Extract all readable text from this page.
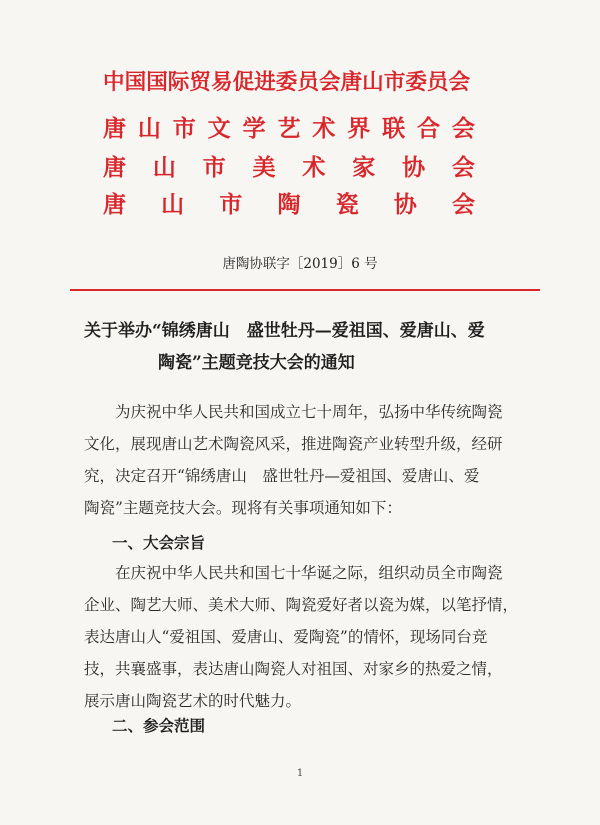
中国国际贸易促进委员会唐山市委员会
唐 山 市 文 学 艺 术 界 联 合 会
唐 山 市 美 术 家 协 会
唐 山 市 陶 瓷 协 会
唐陶协联字［2019］6 号
关于举办“锦绣唐山　盛世牡丹—爱祖国、爱唐山、爱
陶瓷”主题竞技大会的通知
　　为庆祝中华人民共和国成立七十周年，弘扬中华传统陶瓷
文化，展现唐山艺术陶瓷风采，推进陶瓷产业转型升级，经研
究，决定召开“锦绣唐山　盛世牡丹—爱祖国、爱唐山、爱
陶瓷”主题竞技大会。现将有关事项通知如下：
一、大会宗旨
　　在庆祝中华人民共和国七十华诞之际，组织动员全市陶瓷
企业、陶艺大师、美术大师、陶瓷爱好者以瓷为媒，以笔抒情，
表达唐山人“爱祖国、爱唐山、爱陶瓷”的情怀，现场同台竞
技，共襄盛事，表达唐山陶瓷人对祖国、对家乡的热爱之情，
展示唐山陶瓷艺术的时代魅力。
二、参会范围
1
